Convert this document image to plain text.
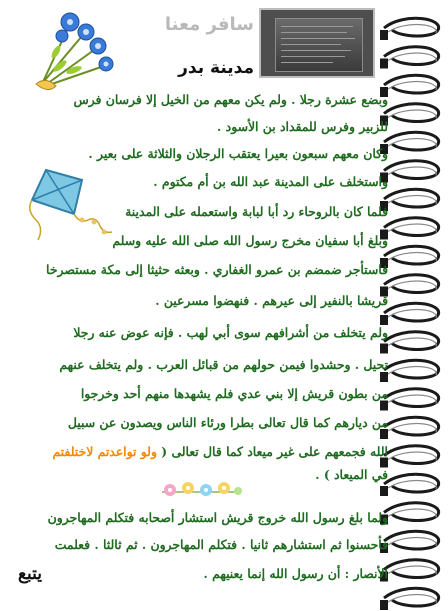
سافر معنا
مدينة بدر
وبضع عشرة رجلا . ولم يكن معهم من الخيل إلا فرسان فرس
للزبير وفرس للمقداد بن الأسود .
وكان معهم سبعون بعيرا يعتقب الرجلان والثلاثة على بعير .
واستخلف على المدينة عبد الله بن أم مكتوم .
فلما كان بالروحاء رد أبا لبابة واستعمله على المدينة
وبلغ أبا سفيان مخرج رسول الله صلى الله عليه وسلم
فاستأجر ضمضم بن عمرو الغفاري . وبعثه حثيثا إلى مكة مستصرخا
قريشا بالنفير إلى عيرهم . فنهضوا مسرعين .
ولم يتخلف من أشرافهم سوى أبي لهب . فإنه عوض عنه رجلا
تحيل . وحشدوا فيمن حولهم من قبائل العرب . ولم يتخلف عنهم
من بطون قريش إلا بني عدي فلم يشهدها منهم أحد وخرجوا
من ديارهم كما قال تعالى بطرا ورئاء الناس ويصدون عن سبيل
الله فجمعهم على غير ميعاد كما قال تعالى ( ولو تواعدتم لاختلفتم
في الميعاد ) .
ولما بلغ رسول الله خروج قريش استشار أصحابه فتكلم المهاجرون
فأحسنوا ثم استشارهم ثانيا . فتكلم المهاجرون . ثم ثالثا . فعلمت
الأنصار : أن رسول الله إنما يعنيهم .
يتبع
